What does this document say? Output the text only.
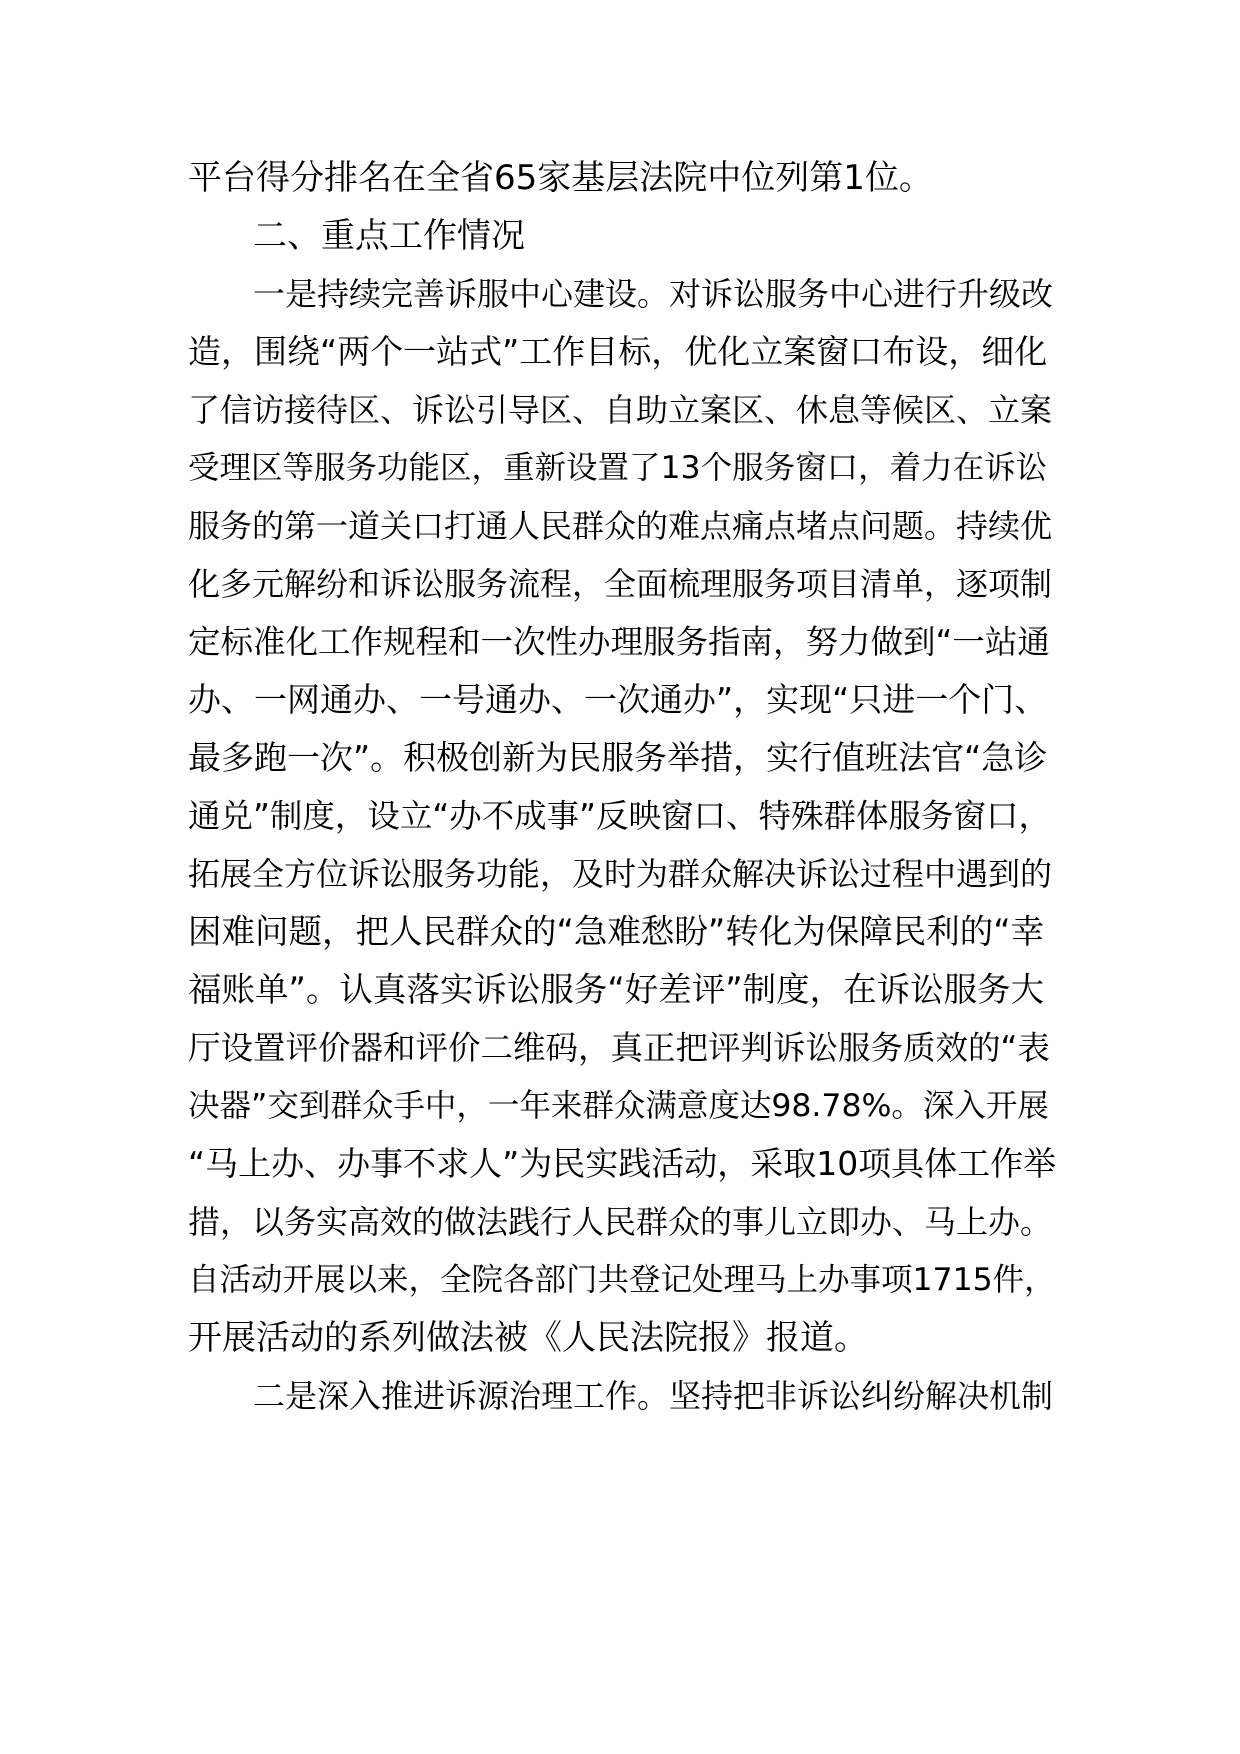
平台得分排名在全省65家基层法院中位列第1位。

二、重点工作情况

一是持续完善诉服中心建设。对诉讼服务中心进行升级改

造，围绕“两个一站式”工作目标，优化立案窗口布设，细化

了信访接待区、诉讼引导区、自助立案区、休息等候区、立案

受理区等服务功能区，重新设置了13个服务窗口，着力在诉讼

服务的第一道关口打通人民群众的难点痛点堵点问题。持续优

化多元解纷和诉讼服务流程，全面梳理服务项目清单，逐项制

定标准化工作规程和一次性办理服务指南，努力做到“一站通

办、一网通办、一号通办、一次通办”，实现“只进一个门、

最多跑一次”。积极创新为民服务举措，实行值班法官“急诊

通兑”制度，设立“办不成事”反映窗口、特殊群体服务窗口，

拓展全方位诉讼服务功能，及时为群众解决诉讼过程中遇到的

困难问题，把人民群众的“急难愁盼”转化为保障民利的“幸

福账单”。认真落实诉讼服务“好差评”制度，在诉讼服务大

厅设置评价器和评价二维码，真正把评判诉讼服务质效的“表

决器”交到群众手中，一年来群众满意度达98.78%。深入开展

“马上办、办事不求人”为民实践活动，采取10项具体工作举

措，以务实高效的做法践行人民群众的事儿立即办、马上办。

自活动开展以来，全院各部门共登记处理马上办事项1715件，

开展活动的系列做法被《人民法院报》报道。

二是深入推进诉源治理工作。坚持把非诉讼纠纷解决机制
